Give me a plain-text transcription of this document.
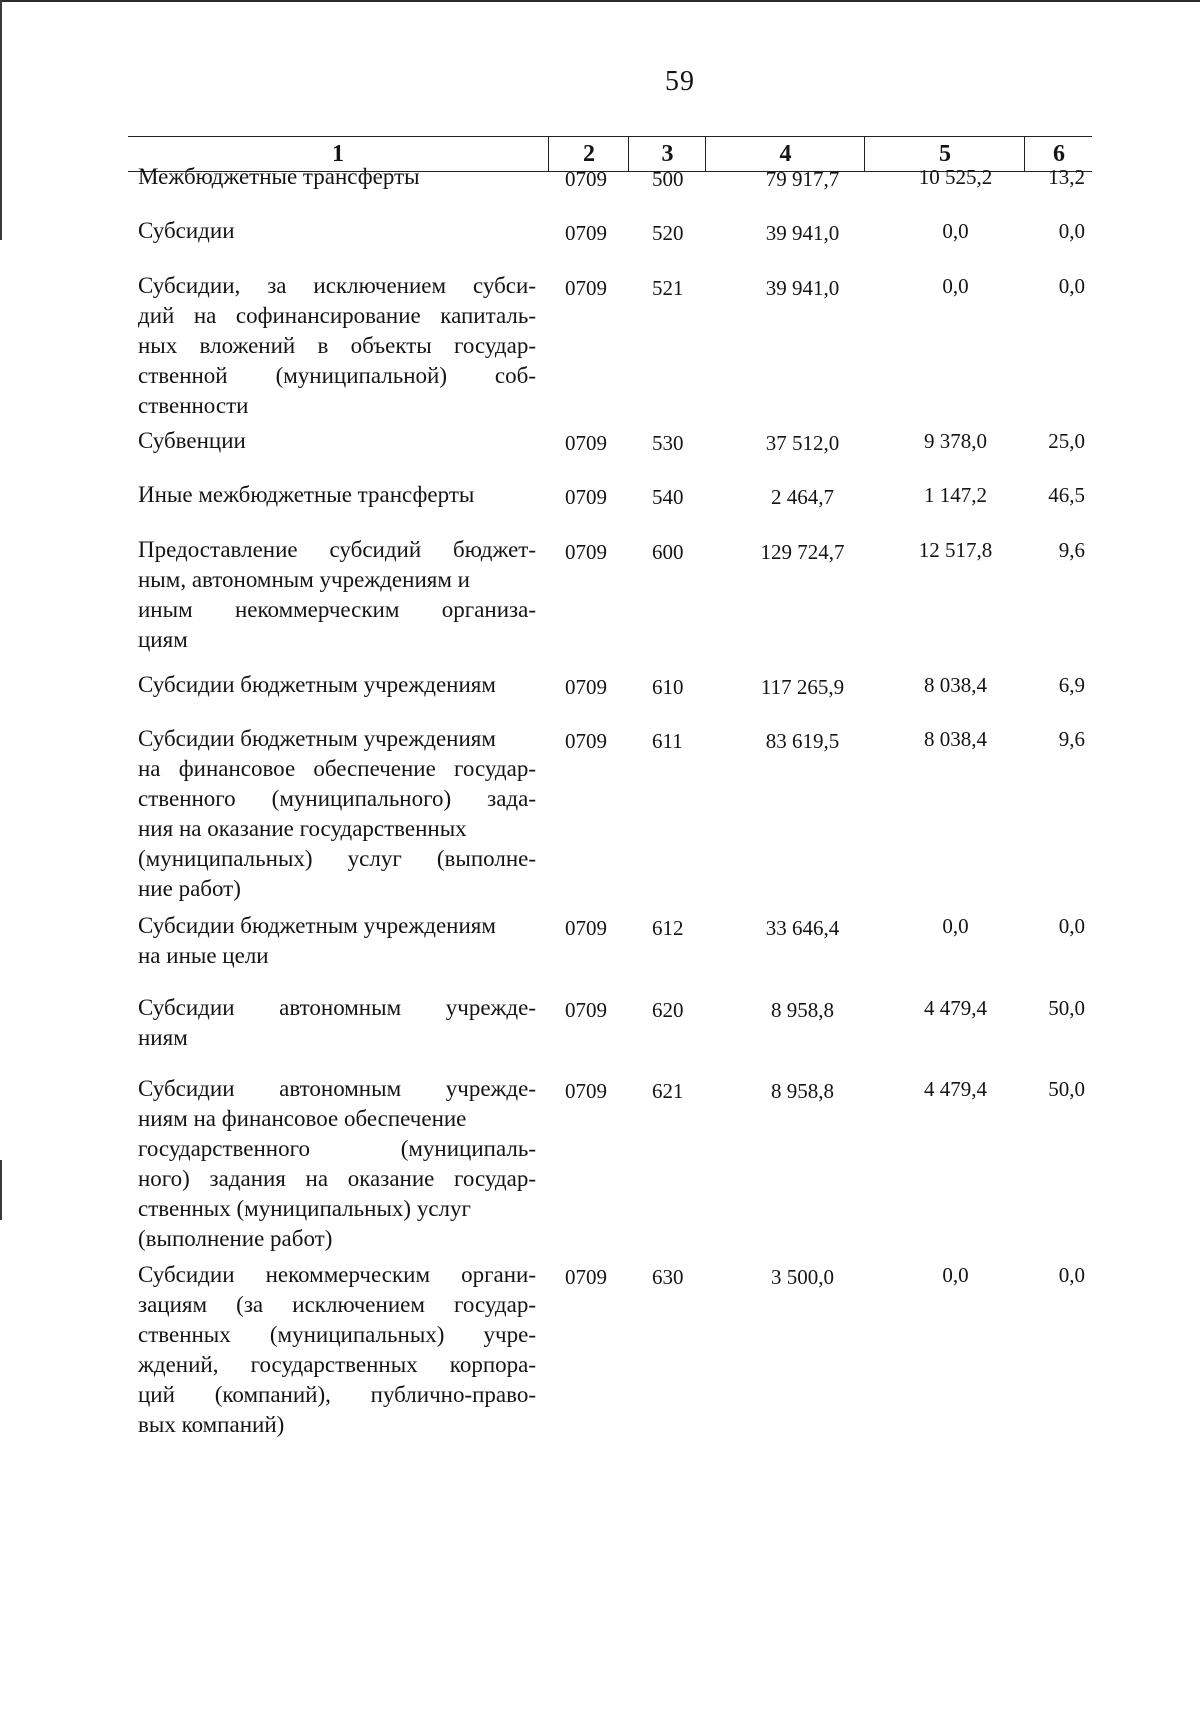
59
1	2	3	4	5	6
Межбюджетные трансферты	0709 500	79 917,7	10 525,2	13,2
Субсидии	0709 520	39 941,0	0,0	0,0
Субсидии, за исключением субси-
дий на софинансирование капиталь-
ных вложений в объекты государ-
ственной (муниципальной) соб-
ственности
0709 521	39 941,0	0,0	0,0
Субвенции	0709 530	37 512,0	9 378,0	25,0
Иные межбюджетные трансферты	0709 540	2 464,7	1 147,2	46,5
Предоставление субсидий бюджет-
ным, автономным учреждениям и
иным некоммерческим организа-
циям
0709 600	129 724,7	12 517,8	9,6
Субсидии бюджетным учреждениям	0709 610	117 265,9	8 038,4	6,9
Субсидии бюджетным учреждениям
на финансовое обеспечение государ-
ственного (муниципального) зада-
ния на оказание государственных
(муниципальных) услуг (выполне-
ние работ)
0709 611	83 619,5	8 038,4	9,6
Субсидии бюджетным учреждениям
на иные цели
0709 612	33 646,4	0,0	0,0
Субсидии автономным учрежде-
ниям
0709 620	8 958,8	4 479,4	50,0
Субсидии автономным учрежде-
ниям на финансовое обеспечение
государственного (муниципаль-
ного) задания на оказание государ-
ственных (муниципальных) услуг
(выполнение работ)
0709 621	8 958,8	4 479,4	50,0
Субсидии некоммерческим органи-
зациям (за исключением государ-
ственных (муниципальных) учре-
ждений, государственных корпора-
ций (компаний), публично-право-
вых компаний)
0709 630	3 500,0	0,0	0,0
